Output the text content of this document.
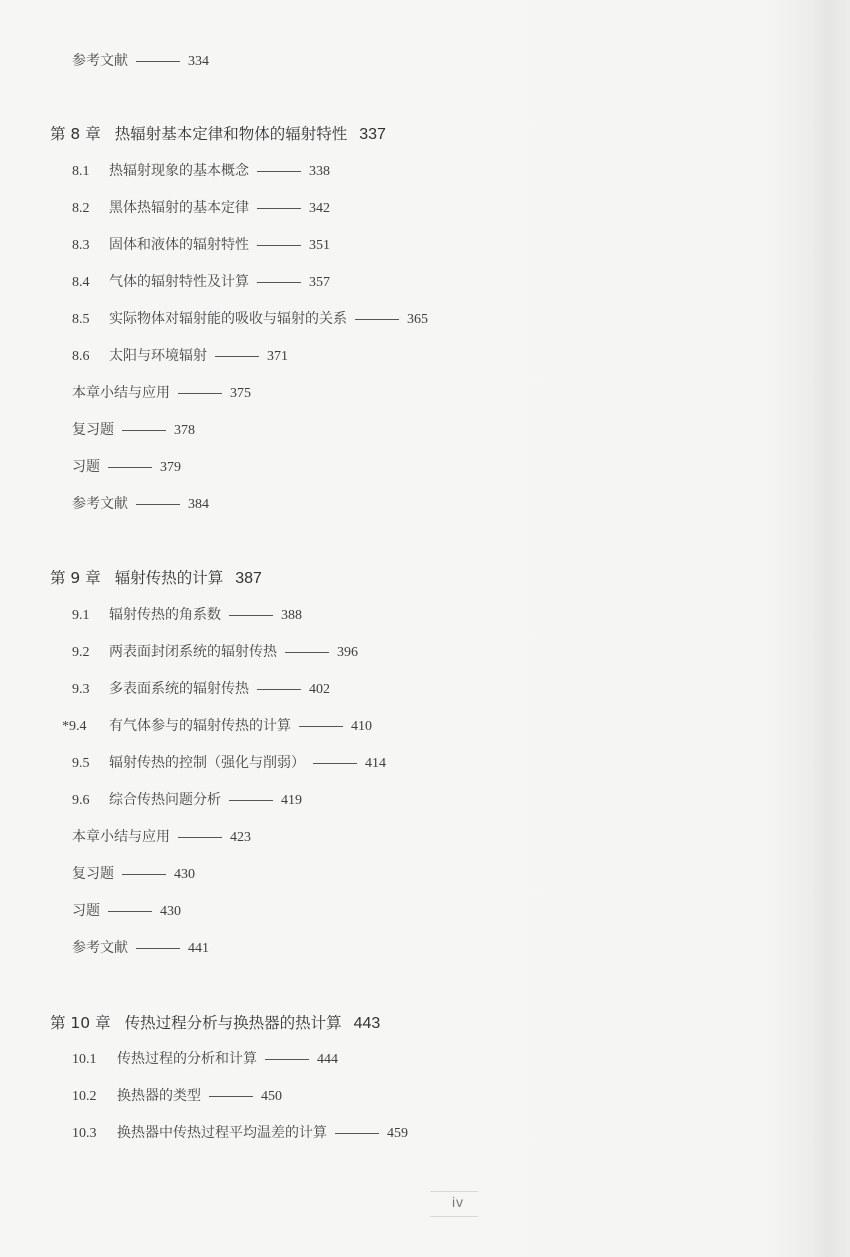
参考文献	334
第 8 章 热辐射基本定律和物体的辐射特性 337
8.1 热辐射现象的基本概念	338
8.2 黑体热辐射的基本定律	342
8.3 固体和液体的辐射特性	351
8.4 气体的辐射特性及计算	357
8.5 实际物体对辐射能的吸收与辐射的关系	365
8.6 太阳与环境辐射	371
本章小结与应用	375
复习题	378
习题	379
参考文献	384
第 9 章 辐射传热的计算 387
9.1 辐射传热的角系数	388
9.2 两表面封闭系统的辐射传热	396
9.3 多表面系统的辐射传热	402
*9.4 有气体参与的辐射传热的计算	410
9.5 辐射传热的控制（强化与削弱）	414
9.6 综合传热问题分析	419
本章小结与应用	423
复习题	430
习题	430
参考文献	441
第 10 章 传热过程分析与换热器的热计算 443
10.1 传热过程的分析和计算	444
10.2 换热器的类型	450
10.3 换热器中传热过程平均温差的计算	459
iv
